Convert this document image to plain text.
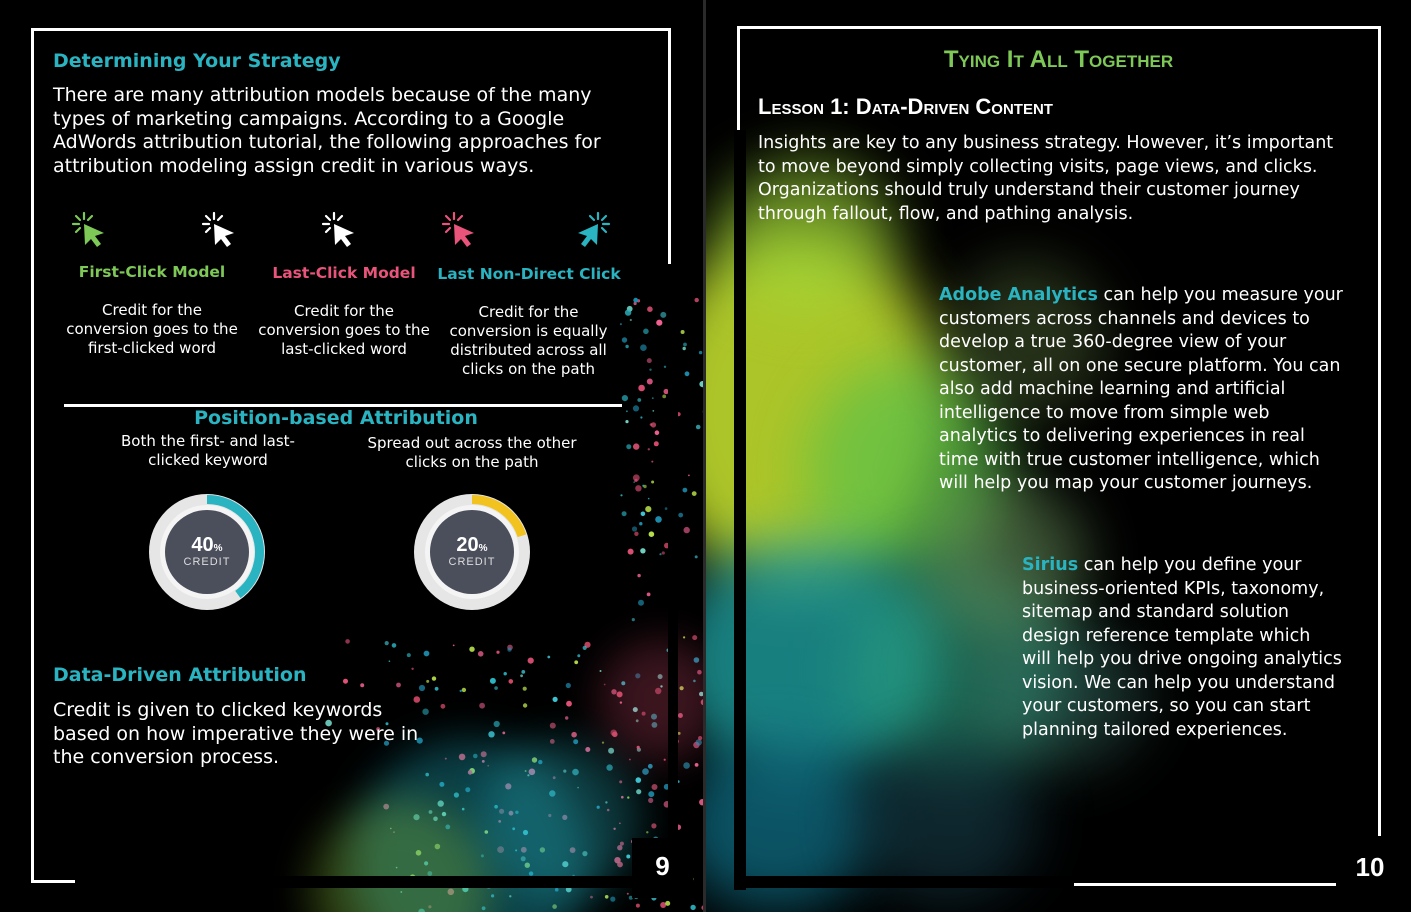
Determining Your Strategy

There are many attribution models because of the many types of marketing campaigns. According to a Google AdWords attribution tutorial, the following approaches for attribution modeling assign credit in various ways.

First-Click Model	Last-Click Model	Last Non-Direct Click

Credit for the conversion goes to the first-clicked word

Credit for the conversion goes to the last-clicked word

Credit for the conversion is equally distributed across all clicks on the path

Position-based Attribution

Both the first- and last-clicked keyword

Spread out across the other clicks on the path

40%
CREDIT
20%
CREDIT
Data-Driven Attribution

Credit is given to clicked keywords based on how imperative they were in the conversion process.

9
Tying It All Together
Lesson 1: Data-Driven Content

Insights are key to any business strategy. However, it’s important to move beyond simply collecting visits, page views, and clicks. Organizations should truly understand their customer journey through fallout, flow, and pathing analysis.

Adobe Analytics can help you measure your customers across channels and devices to develop a true 360-degree view of your customer, all on one secure platform. You can also add machine learning and artificial intelligence to move from simple web analytics to delivering experiences in real time with true customer intelligence, which will help you map your customer journeys.

Sirius can help you define your business-oriented KPIs, taxonomy, sitemap and standard solution design reference template which will help you drive ongoing analytics vision. We can help you understand your customers, so you can start planning tailored experiences.

10
